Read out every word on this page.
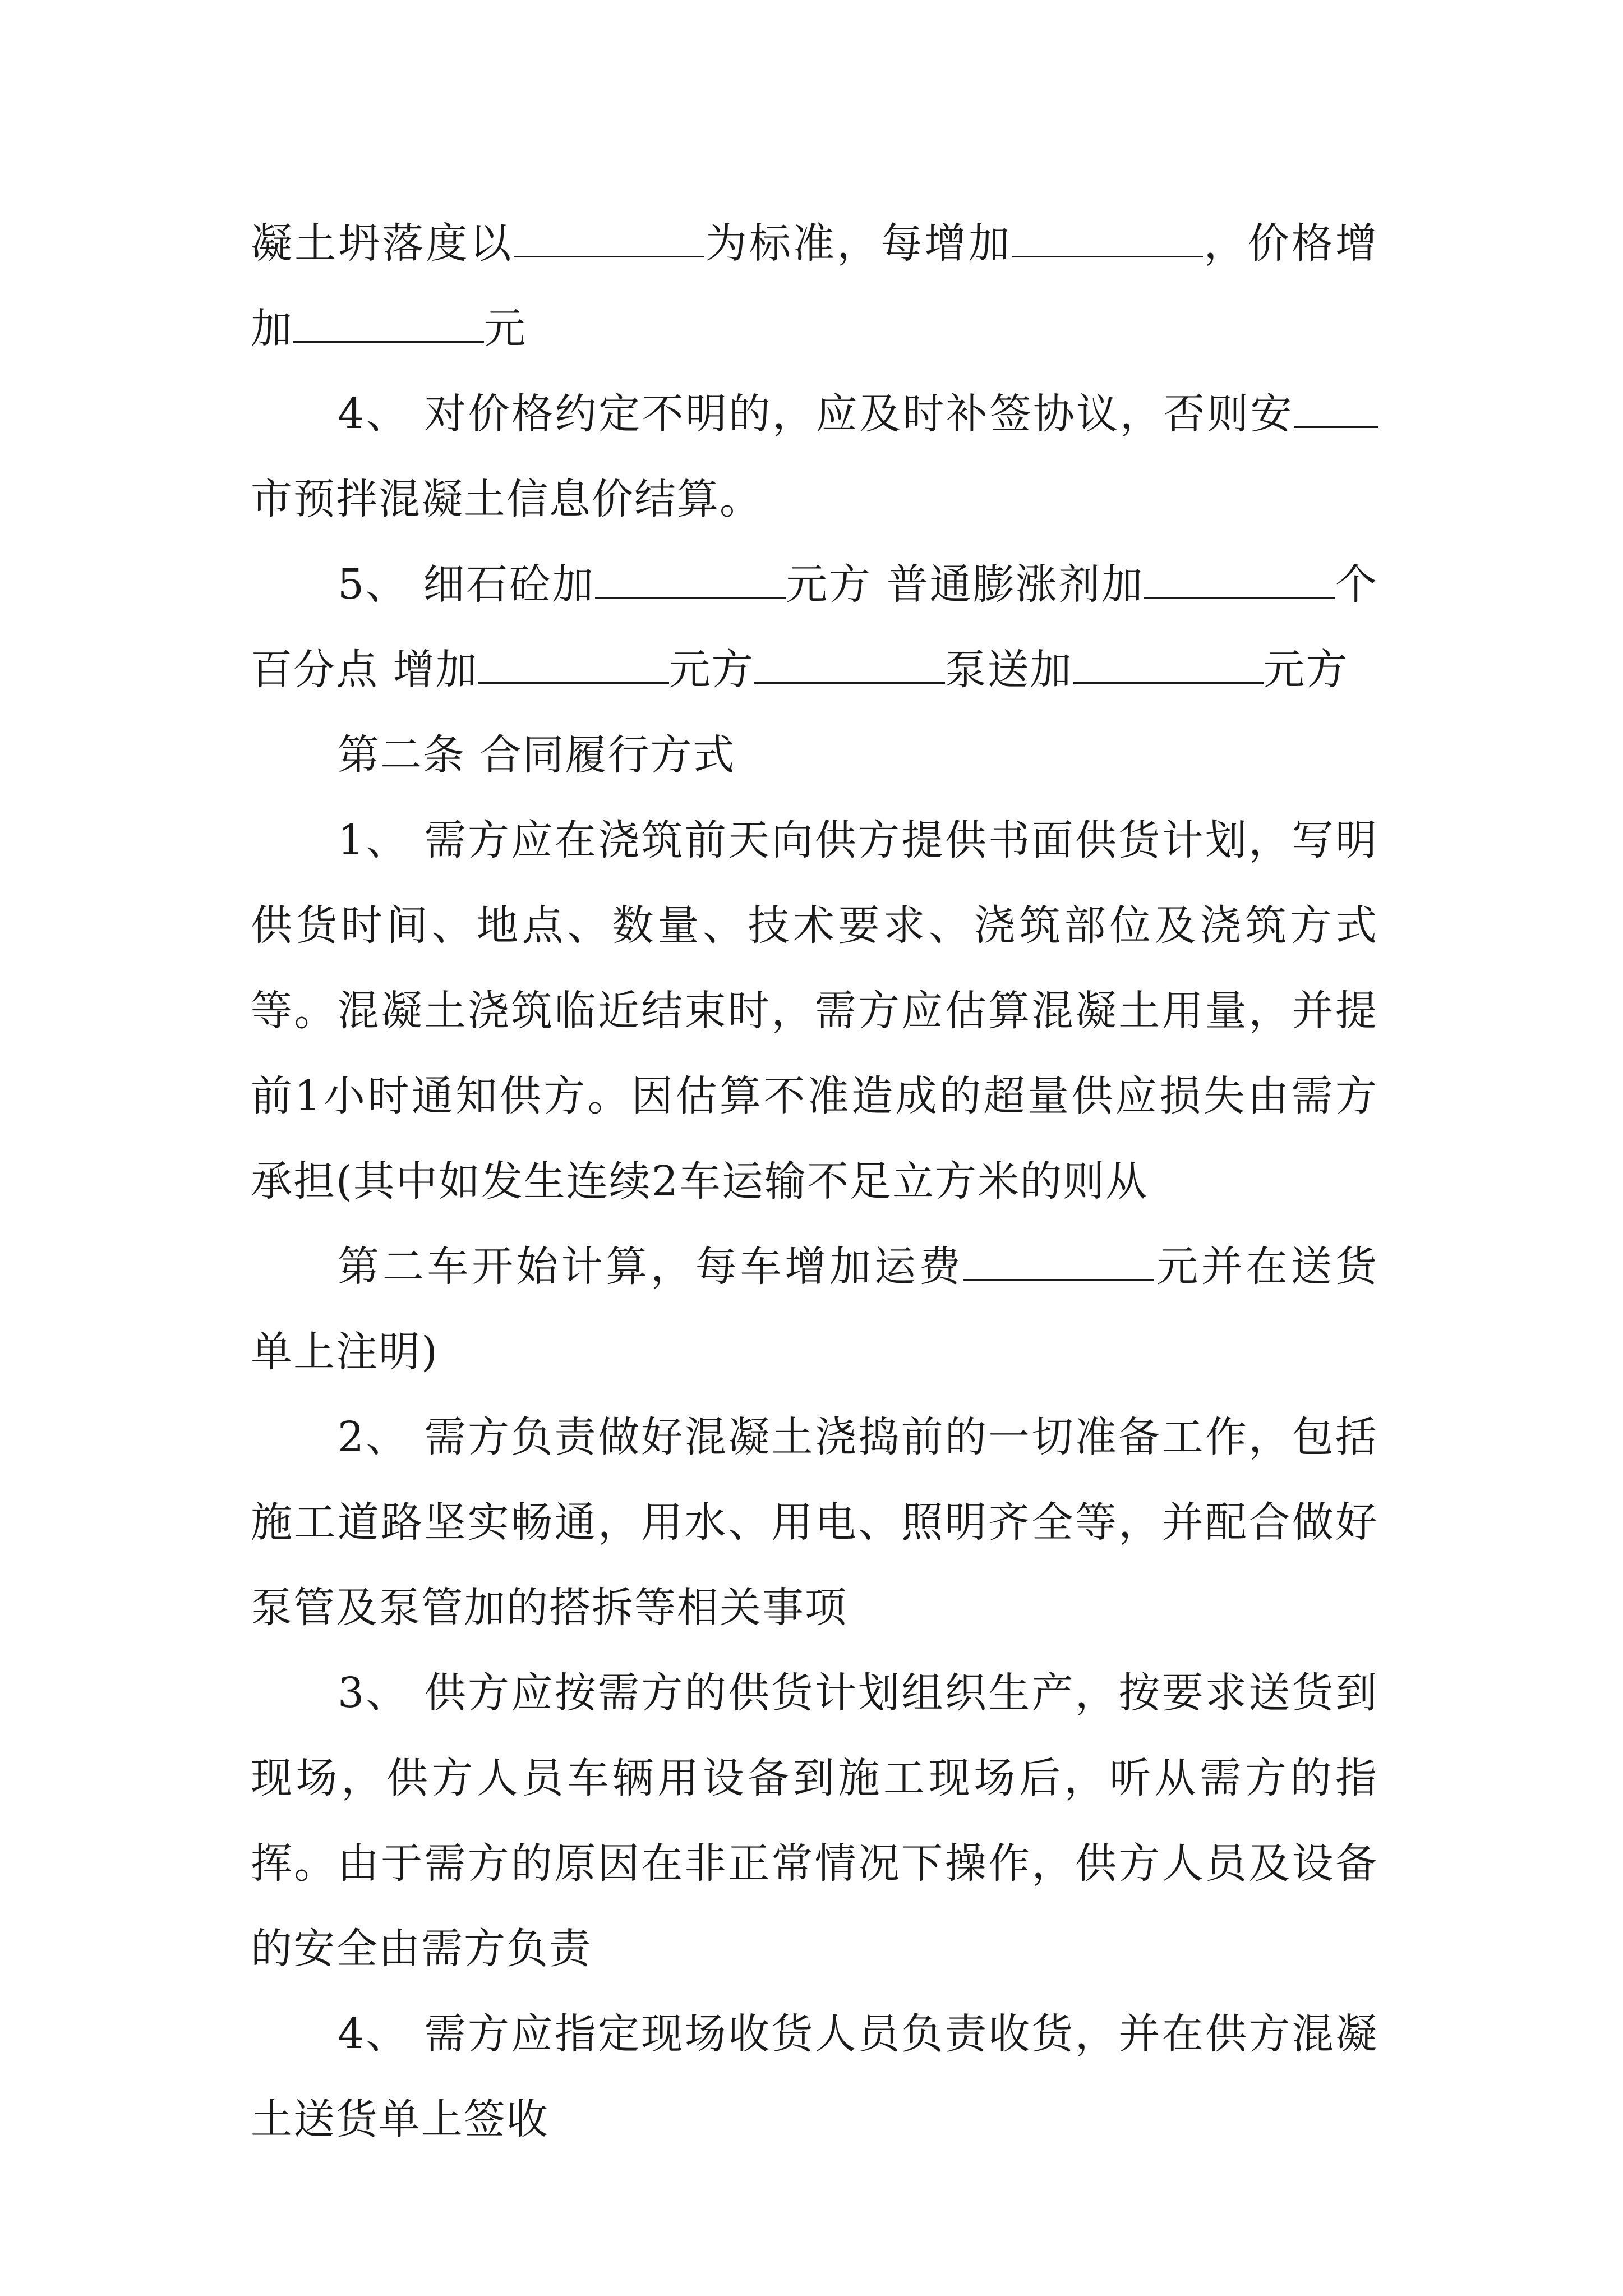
凝土坍落度以	为标准，每增加	，价格增加	元

4、 对价格约定不明的，应及时补签协议，否则安市预拌混凝土信息价结算。

5、 细石砼加	元方 普通膨涨剂加	个百分点 增加	元方	泵送加	元方

第二条 合同履行方式

1、 需方应在浇筑前天向供方提供书面供货计划，写明供货时间、地点、数量、技术要求、浇筑部位及浇筑方式等。混凝土浇筑临近结束时，需方应估算混凝土用量，并提前1小时通知供方。因估算不准造成的超量供应损失由需方承担(其中如发生连续2车运输不足立方米的则从

第二车开始计算，每车增加运费	元并在送货单上注明)

2、 需方负责做好混凝土浇捣前的一切准备工作，包括施工道路坚实畅通，用水、用电、照明齐全等，并配合做好泵管及泵管加的搭拆等相关事项

3、 供方应按需方的供货计划组织生产，按要求送货到现场，供方人员车辆用设备到施工现场后，听从需方的指挥。由于需方的原因在非正常情况下操作，供方人员及设备的安全由需方负责

4、 需方应指定现场收货人员负责收货，并在供方混凝土送货单上签收
